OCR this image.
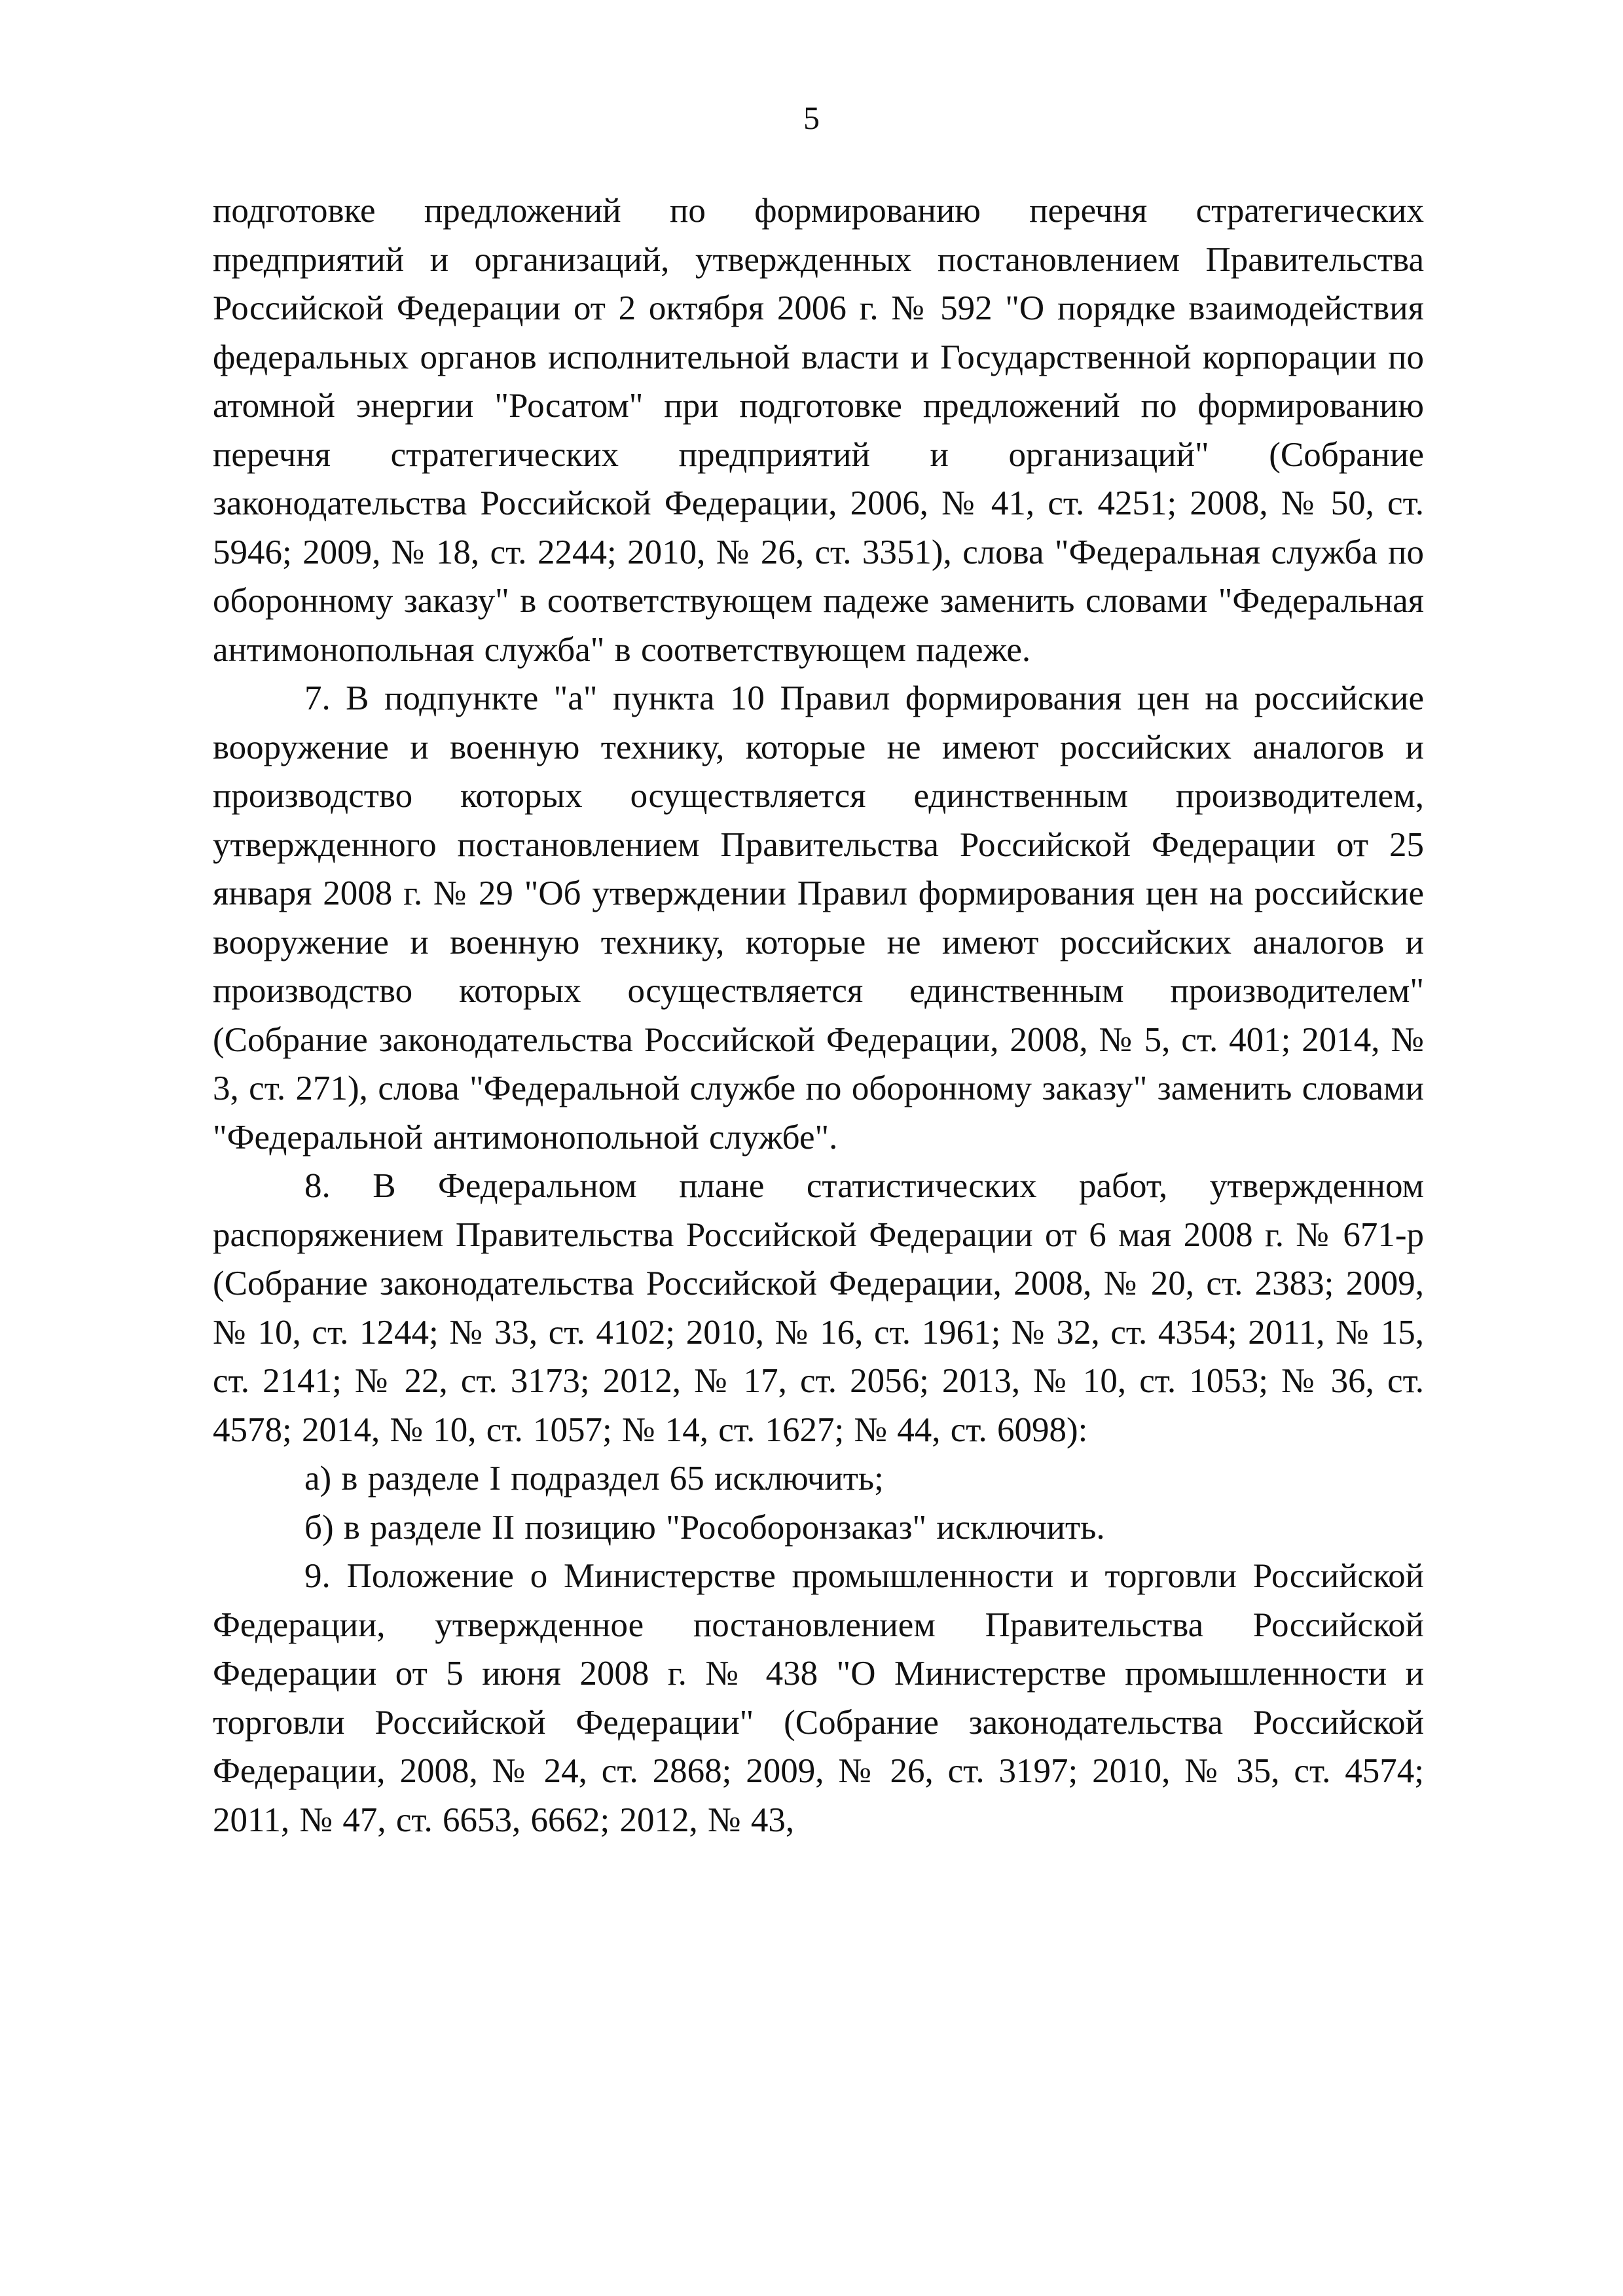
5

подготовке предложений по формированию перечня стратегических предприятий и организаций, утвержденных постановлением Правительства Российской Федерации от 2 октября 2006 г. № 592 "О порядке взаимодействия федеральных органов исполнительной власти и Государственной корпорации по атомной энергии "Росатом" при подготовке предложений по формированию перечня стратегических предприятий и организаций" (Собрание законодательства Российской Федерации, 2006, № 41, ст. 4251; 2008, № 50, ст. 5946; 2009, № 18, ст. 2244; 2010, № 26, ст. 3351), слова "Федеральная служба по оборонному заказу" в соответствующем падеже заменить словами "Федеральная антимонопольная служба" в соответствующем падеже.

7. В подпункте "а" пункта 10 Правил формирования цен на российские вооружение и военную технику, которые не имеют российских аналогов и производство которых осуществляется единственным производителем, утвержденного постановлением Правительства Российской Федерации от 25 января 2008 г. № 29 "Об утверждении Правил формирования цен на российские вооружение и военную технику, которые не имеют российских аналогов и производство которых осуществляется единственным производителем" (Собрание законодательства Российской Федерации, 2008, № 5, ст. 401; 2014, № 3, ст. 271), слова "Федеральной службе по оборонному заказу" заменить словами "Федеральной антимонопольной службе".

8. В Федеральном плане статистических работ, утвержденном распоряжением Правительства Российской Федерации от 6 мая 2008 г. № 671-р (Собрание законодательства Российской Федерации, 2008, № 20, ст. 2383; 2009, № 10, ст. 1244; № 33, ст. 4102; 2010, № 16, ст. 1961; № 32, ст. 4354; 2011, № 15, ст. 2141; № 22, ст. 3173; 2012, № 17, ст. 2056; 2013, № 10, ст. 1053; № 36, ст. 4578; 2014, № 10, ст. 1057; № 14, ст. 1627; № 44, ст. 6098):

а) в разделе I подраздел 65 исключить;

б) в разделе II позицию "Рособоронзаказ" исключить.

9. Положение о Министерстве промышленности и торговли Российской Федерации, утвержденное постановлением Правительства Российской Федерации от 5 июня 2008 г. № 438 "О Министерстве промышленности и торговли Российской Федерации" (Собрание законодательства Российской Федерации, 2008, № 24, ст. 2868; 2009, № 26, ст. 3197; 2010, № 35, ст. 4574; 2011, № 47, ст. 6653, 6662; 2012, № 43,
